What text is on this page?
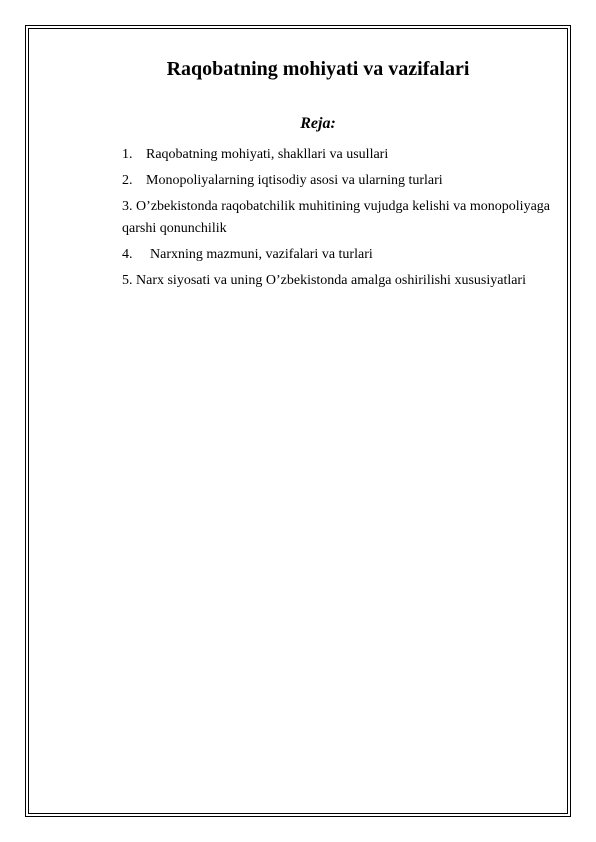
Raqobatning mohiyati va vazifalari
Reja:
1. Raqobatning mohiyati, shakllari va usullari
2. Monopoliyalarning iqtisodiy asosi va ularning turlari
3. O’zbekistonda raqobatchilik muhitining vujudga kelishi va monopoliyaga qarshi qonunchilik
4.	Narxning mazmuni, vazifalari va turlari
5. Narx siyosati va uning O’zbekistonda amalga oshirilishi xususiyatlari
